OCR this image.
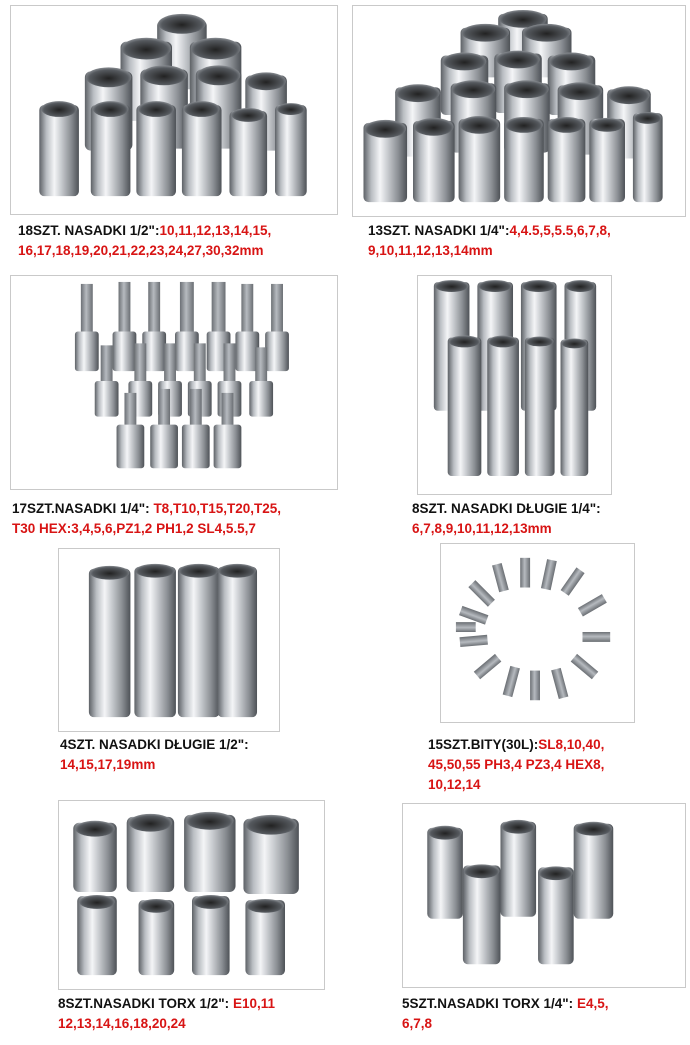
18SZT. NASADKI 1/2":10,11,12,13,14,15,
16,17,18,19,20,21,22,23,24,27,30,32mm
13SZT. NASADKI 1/4":4,4.5,5,5.5,6,7,8,
9,10,11,12,13,14mm
17SZT.NASADKI 1/4": T8,T10,T15,T20,T25,
T30 HEX:3,4,5,6,PZ1,2 PH1,2 SL4,5.5,7
8SZT. NASADKI DŁUGIE 1/4":
6,7,8,9,10,11,12,13mm
4SZT. NASADKI DŁUGIE 1/2":
14,15,17,19mm
15SZT.BITY(30L):SL8,10,40,
45,50,55 PH3,4 PZ3,4 HEX8,
10,12,14
8SZT.NASADKI TORX 1/2": E10,11
12,13,14,16,18,20,24
5SZT.NASADKI TORX 1/4": E4,5,
6,7,8
